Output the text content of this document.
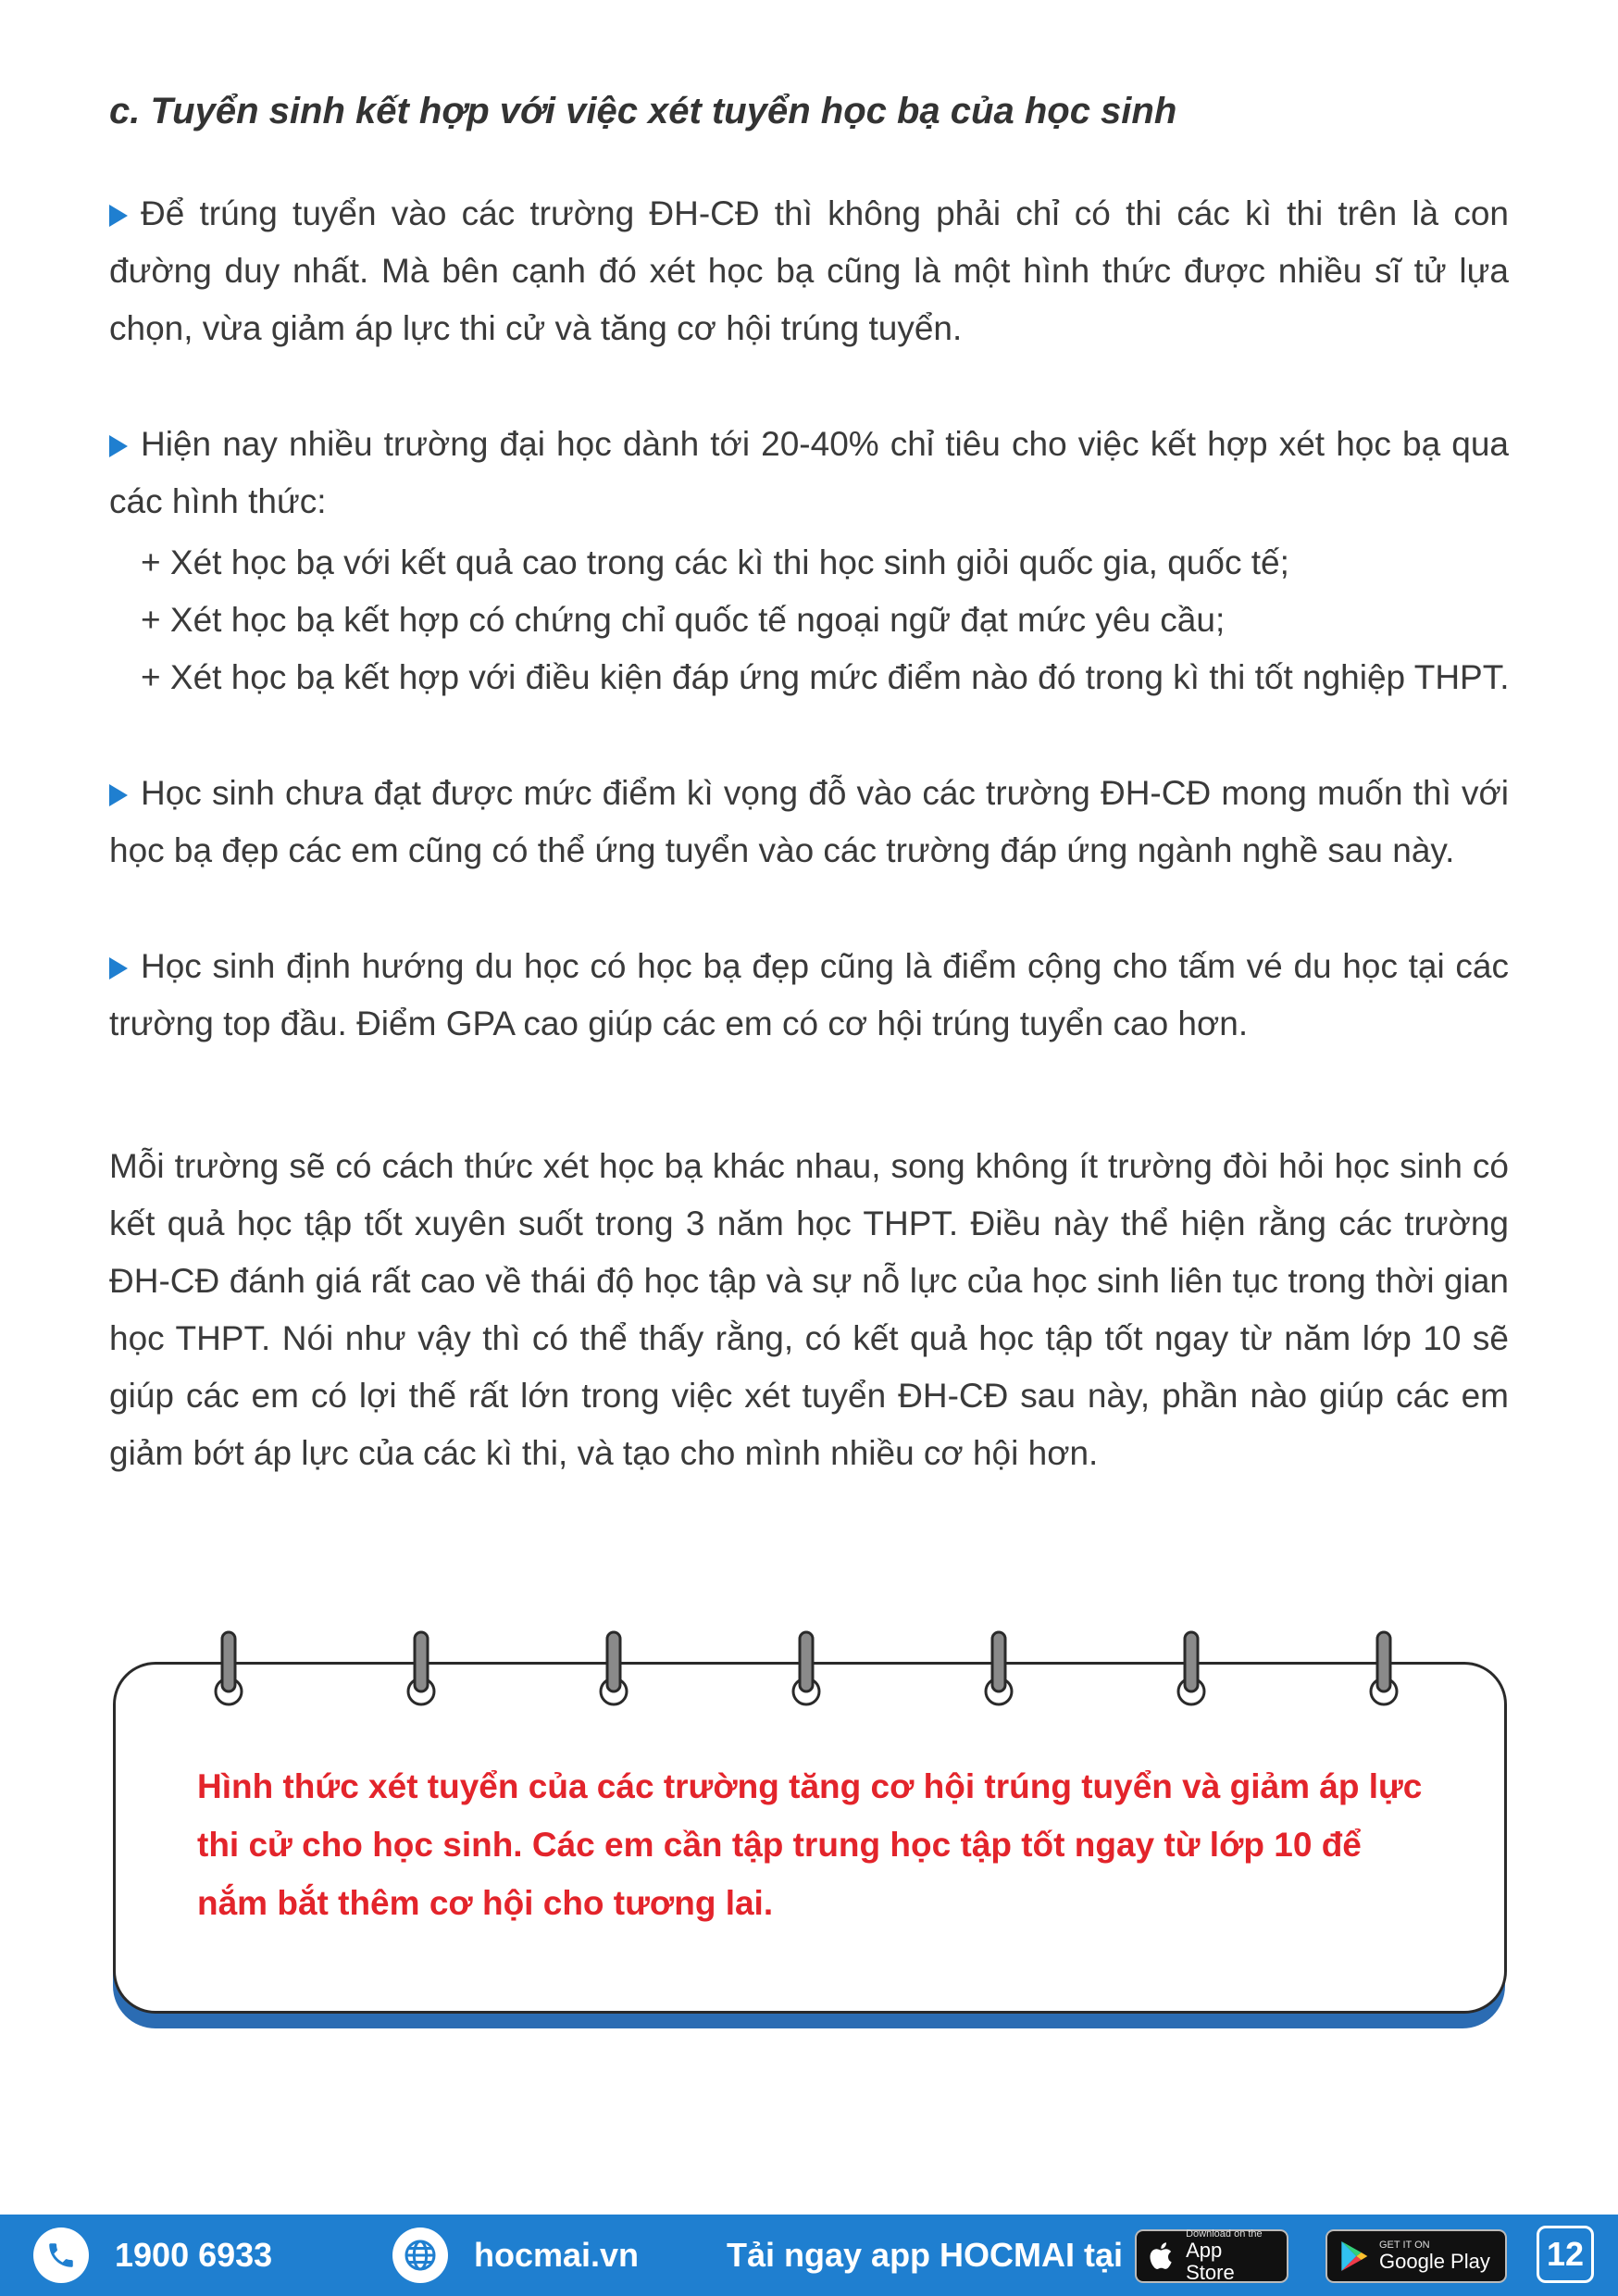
c. Tuyển sinh kết hợp với việc xét tuyển học bạ của học sinh
Để trúng tuyển vào các trường ĐH-CĐ thì không phải chỉ có thi các kì thi trên là con đường duy nhất. Mà bên cạnh đó xét học bạ cũng là một hình thức được nhiều sĩ tử lựa chọn, vừa giảm áp lực thi cử và tăng cơ hội trúng tuyển.
Hiện nay nhiều trường đại học dành tới 20-40% chỉ tiêu cho việc kết hợp xét học bạ qua các hình thức:
+ Xét học bạ với kết quả cao trong các kì thi học sinh giỏi quốc gia, quốc tế;
+ Xét học bạ kết hợp có chứng chỉ quốc tế ngoại ngữ đạt mức yêu cầu;
+ Xét học bạ kết hợp với điều kiện đáp ứng mức điểm nào đó trong kì thi tốt nghiệp THPT.
Học sinh chưa đạt được mức điểm kì vọng đỗ vào các trường ĐH-CĐ mong muốn thì với học bạ đẹp các em cũng có thể ứng tuyển vào các trường đáp ứng ngành nghề sau này.
Học sinh định hướng du học có học bạ đẹp cũng là điểm cộng cho tấm vé du học tại các trường top đầu. Điểm GPA cao giúp các em có cơ hội trúng tuyển cao hơn.
Mỗi trường sẽ có cách thức xét học bạ khác nhau, song không ít trường đòi hỏi học sinh có kết quả học tập tốt xuyên suốt trong 3 năm học THPT. Điều này thể hiện rằng các trường ĐH-CĐ đánh giá rất cao về thái độ học tập và sự nỗ lực của học sinh liên tục trong thời gian học THPT. Nói như vậy thì có thể thấy rằng, có kết quả học tập tốt ngay từ năm lớp 10 sẽ giúp các em có lợi thế rất lớn trong việc xét tuyển ĐH-CĐ sau này, phần nào giúp các em giảm bớt áp lực của các kì thi, và tạo cho mình nhiều cơ hội hơn.
Hình thức xét tuyển của các trường tăng cơ hội trúng tuyển và giảm áp lực thi cử cho học sinh. Các em cần tập trung học tập tốt ngay từ lớp 10 để nắm bắt thêm cơ hội cho tương lai.
1900 6933	hocmai.vn	Tải ngay app HOCMAI tại
Download on the
App Store
GET IT ON
Google Play	12
